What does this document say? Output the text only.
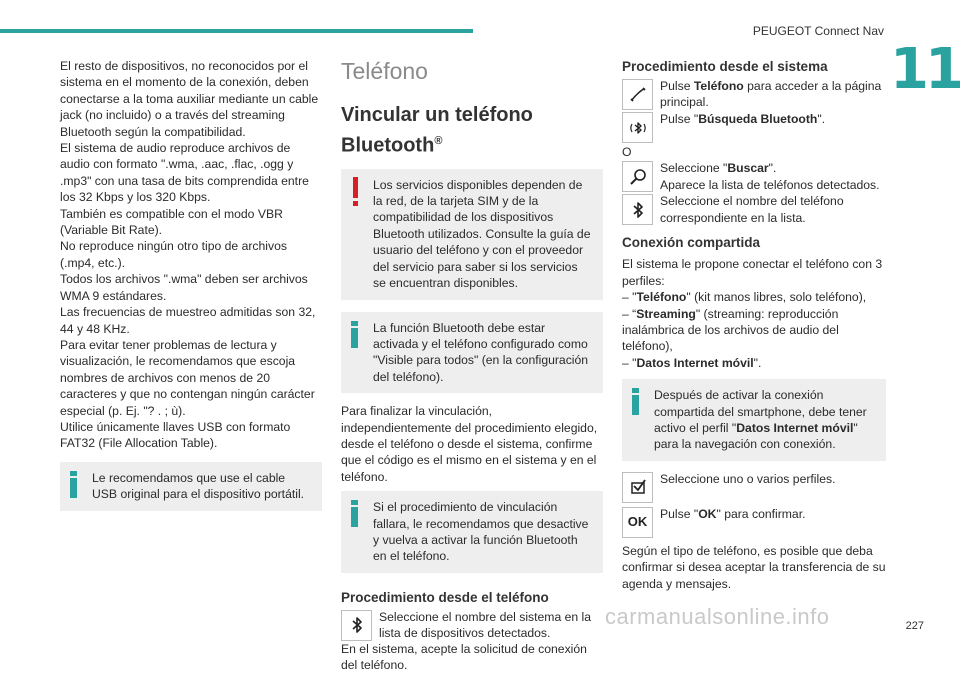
PEUGEOT Connect Nav
11

El resto de dispositivos, no reconocidos por el sistema en el momento de la conexión, deben conectarse a la toma auxiliar mediante un cable jack (no incluido) o a través del streaming Bluetooth según la compatibilidad.

El sistema de audio reproduce archivos de audio con formato ".wma, .aac, .flac, .ogg y .mp3" con una tasa de bits comprendida entre los 32 Kbps y los 320 Kbps.

También es compatible con el modo VBR (Variable Bit Rate).

No reproduce ningún otro tipo de archivos (.mp4, etc.).

Todos los archivos ".wma" deben ser archivos WMA 9 estándares.

Las frecuencias de muestreo admitidas son 32, 44 y 48 KHz.

Para evitar tener problemas de lectura y visualización, le recomendamos que escoja nombres de archivos con menos de 20 caracteres y que no contengan ningún carácter especial (p. Ej. "? . ; ù).

Utilice únicamente llaves USB con formato FAT32 (File Allocation Table).

Le recomendamos que use el cable USB original para el dispositivo portátil.

Teléfono
Vincular un teléfono Bluetooth®

Los servicios disponibles dependen de la red, de la tarjeta SIM y de la compatibilidad de los dispositivos Bluetooth utilizados. Consulte la guía de usuario del teléfono y con el proveedor del servicio para saber si los servicios se encuentran disponibles.

La función Bluetooth debe estar activada y el teléfono configurado como "Visible para todos" (en la configuración del teléfono).

Para finalizar la vinculación, independientemente del procedimiento elegido, desde el teléfono o desde el sistema, confirme que el código es el mismo en el sistema y en el teléfono.

Si el procedimiento de vinculación fallara, le recomendamos que desactive y vuelva a activar la función Bluetooth en el teléfono.

Procedimiento desde el teléfono

Seleccione el nombre del sistema en la lista de dispositivos detectados.

En el sistema, acepte la solicitud de conexión del teléfono.

Procedimiento desde el sistema

Pulse Teléfono para acceder a la página principal.

Pulse "Búsqueda Bluetooth".

O

Seleccione "Buscar".
Aparece la lista de teléfonos detectados.

Seleccione el nombre del teléfono correspondiente en la lista.

Conexión compartida

El sistema le propone conectar el teléfono con 3 perfiles:

– "Teléfono" (kit manos libres, solo teléfono),

– “Streaming" (streaming: reproducción inalámbrica de los archivos de audio del teléfono),

– "Datos Internet móvil".

Después de activar la conexión compartida del smartphone, debe tener activo el perfil "Datos Internet móvil" para la navegación con conexión.

Seleccione uno o varios perfiles.

OK

Pulse "OK" para confirmar.

Según el tipo de teléfono, es posible que deba confirmar si desea aceptar la transferencia de su agenda y mensajes.

carmanualsonline.info	227
